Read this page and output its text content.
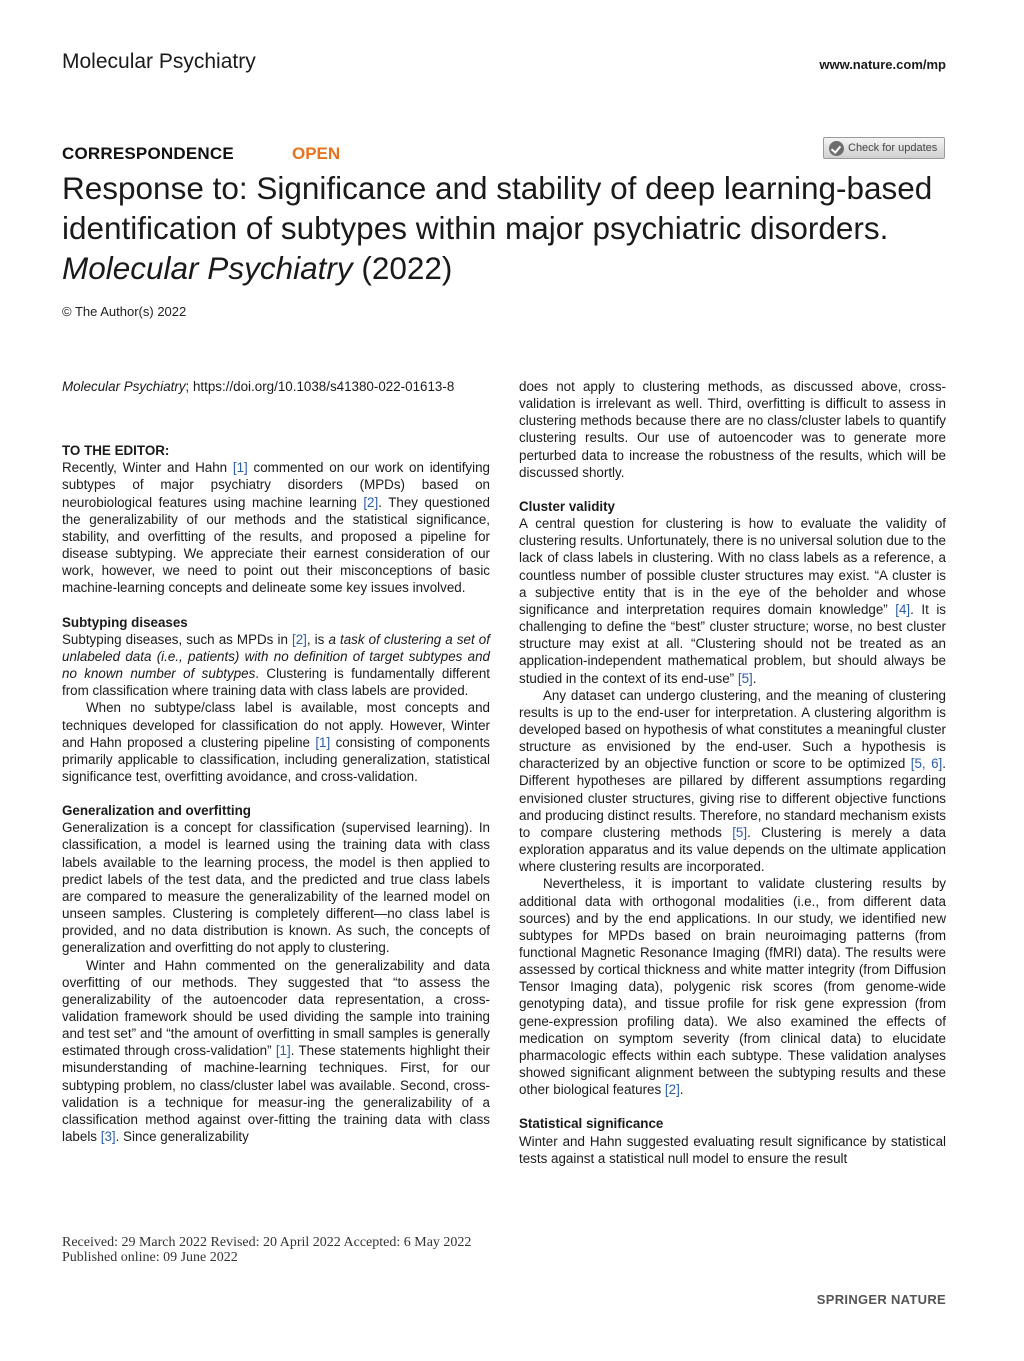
Molecular Psychiatry	www.nature.com/mp
CORRESPONDENCE	OPEN	Check for updates
Response to: Significance and stability of deep learning-based
identification of subtypes within major psychiatric disorders.
Molecular Psychiatry (2022)
© The Author(s) 2022

Molecular Psychiatry; https://doi.org/10.1038/s41380-022-01613-8

TO THE EDITOR:

Recently, Winter and Hahn [1] commented on our work on identifying subtypes of major psychiatry disorders (MPDs) based on neurobiological features using machine learning [2]. They questioned the generalizability of our methods and the statistical significance, stability, and overfitting of the results, and proposed a pipeline for disease subtyping. We appreciate their earnest consideration of our work, however, we need to point out their misconceptions of basic machine-learning concepts and delineate some key issues involved.

Subtyping diseases

Subtyping diseases, such as MPDs in [2], is a task of clustering a set of unlabeled data (i.e., patients) with no definition of target subtypes and no known number of subtypes. Clustering is fundamentally different from classification where training data with class labels are provided.

When no subtype/class label is available, most concepts and techniques developed for classification do not apply. However, Winter and Hahn proposed a clustering pipeline [1] consisting of components primarily applicable to classification, including generalization, statistical significance test, overfitting avoidance, and cross-validation.

Generalization and overfitting

Generalization is a concept for classification (supervised learning). In classification, a model is learned using the training data with class labels available to the learning process, the model is then applied to predict labels of the test data, and the predicted and true class labels are compared to measure the generalizability of the learned model on unseen samples. Clustering is completely different—no class label is provided, and no data distribution is known. As such, the concepts of generalization and overfitting do not apply to clustering.

Winter and Hahn commented on the generalizability and data overfitting of our methods. They suggested that “to assess the generalizability of the autoencoder data representation, a cross-validation framework should be used dividing the sample into training and test set” and “the amount of overfitting in small samples is generally estimated through cross-validation” [1]. These statements highlight their misunderstanding of machine-learning techniques. First, for our subtyping problem, no class/cluster label was available. Second, cross-validation is a technique for measur-ing the generalizability of a classification method against over-fitting the training data with class labels [3]. Since generalizability

does not apply to clustering methods, as discussed above, cross-validation is irrelevant as well. Third, overfitting is difficult to assess in clustering methods because there are no class/cluster labels to quantify clustering results. Our use of autoencoder was to generate more perturbed data to increase the robustness of the results, which will be discussed shortly.

Cluster validity

A central question for clustering is how to evaluate the validity of clustering results. Unfortunately, there is no universal solution due to the lack of class labels in clustering. With no class labels as a reference, a countless number of possible cluster structures may exist. “A cluster is a subjective entity that is in the eye of the beholder and whose significance and interpretation requires domain knowledge” [4]. It is challenging to define the “best” cluster structure; worse, no best cluster structure may exist at all. “Clustering should not be treated as an application-independent mathematical problem, but should always be studied in the context of its end-use” [5].

Any dataset can undergo clustering, and the meaning of clustering results is up to the end-user for interpretation. A clustering algorithm is developed based on hypothesis of what constitutes a meaningful cluster structure as envisioned by the end-user. Such a hypothesis is characterized by an objective function or score to be optimized [5, 6]. Different hypotheses are pillared by different assumptions regarding envisioned cluster structures, giving rise to different objective functions and producing distinct results. Therefore, no standard mechanism exists to compare clustering methods [5]. Clustering is merely a data exploration apparatus and its value depends on the ultimate application where clustering results are incorporated.

Nevertheless, it is important to validate clustering results by additional data with orthogonal modalities (i.e., from different data sources) and by the end applications. In our study, we identified new subtypes for MPDs based on brain neuroimaging patterns (from functional Magnetic Resonance Imaging (fMRI) data). The results were assessed by cortical thickness and white matter integrity (from Diffusion Tensor Imaging data), polygenic risk scores (from genome-wide genotyping data), and tissue profile for risk gene expression (from gene-expression profiling data). We also examined the effects of medication on symptom severity (from clinical data) to elucidate pharmacologic effects within each subtype. These validation analyses showed significant alignment between the subtyping results and these other biological features [2].

Statistical significance

Winter and Hahn suggested evaluating result significance by statistical tests against a statistical null model to ensure the result

Received: 29 March 2022 Revised: 20 April 2022 Accepted: 6 May 2022
Published online: 09 June 2022
SPRINGER NATURE
